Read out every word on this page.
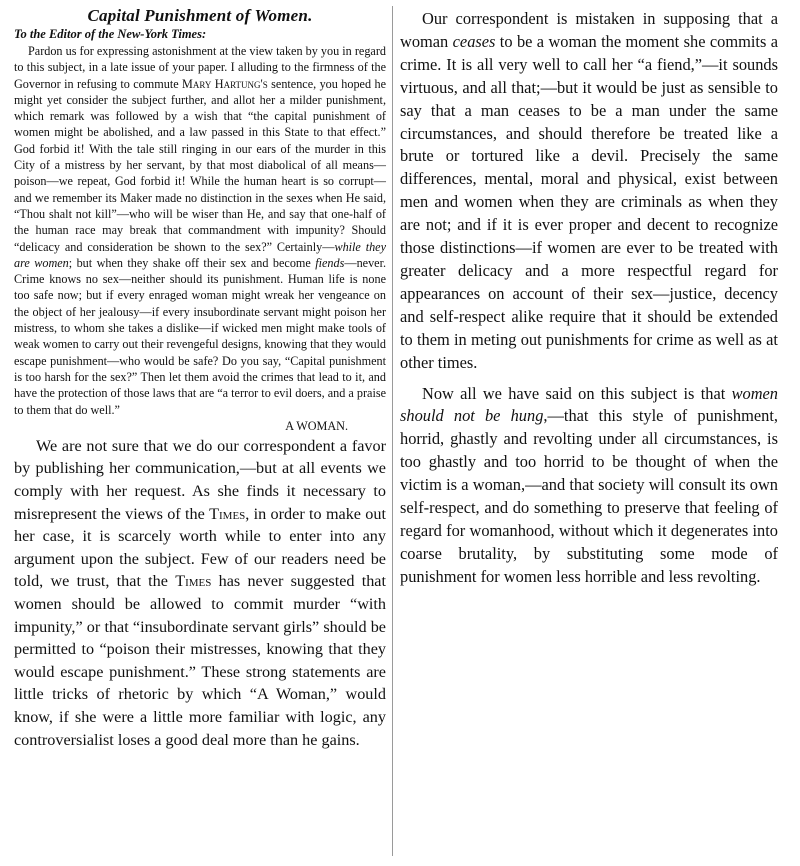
Capital Punishment of Women.
To the Editor of the New-York Times:

Pardon us for expressing astonishment at the view taken by you in regard to this subject, in a late issue of your paper. I alluding to the firmness of the Governor in refusing to commute Mary Hartung's sentence, you hoped he might yet consider the subject further, and allot her a milder punishment, which remark was followed by a wish that “the capital punishment of women might be abolished, and a law passed in this State to that effect.” God forbid it! With the tale still ringing in our ears of the murder in this City of a mistress by her servant, by that most diabolical of all means—poison—we repeat, God forbid it! While the human heart is so corrupt—and we remember its Maker made no distinction in the sexes when He said, “Thou shalt not kill”—who will be wiser than He, and say that one-half of the human race may break that commandment with impunity? Should “delicacy and consideration be shown to the sex?” Certainly—while they are women; but when they shake off their sex and become fiends—never. Crime knows no sex—neither should its punishment. Human life is none too safe now; but if every enraged woman might wreak her vengeance on the object of her jealousy—if every insubordinate servant might poison her mistress, to whom she takes a dislike—if wicked men might make tools of weak women to carry out their revengeful designs, knowing that they would escape punishment—who would be safe? Do you say, “Capital punishment is too harsh for the sex?” Then let them avoid the crimes that lead to it, and have the protection of those laws that are “a terror to evil doers, and a praise to them that do well.”

A WOMAN.

We are not sure that we do our correspondent a favor by publishing her communication,—but at all events we comply with her request. As she finds it necessary to misrepresent the views of the Times, in order to make out her case, it is scarcely worth while to enter into any argument upon the subject. Few of our readers need be told, we trust, that the Times has never suggested that women should be allowed to commit murder “with impunity,” or that “insubordinate servant girls” should be permitted to “poison their mistresses, knowing that they would escape punishment.” These strong statements are little tricks of rhetoric by which “A Woman,” would know, if she were a little more familiar with logic, any controversialist loses a good deal more than he gains.

Our correspondent is mistaken in supposing that a woman ceases to be a woman the moment she commits a crime. It is all very well to call her “a fiend,”—it sounds virtuous, and all that;—but it would be just as sensible to say that a man ceases to be a man under the same circumstances, and should therefore be treated like a brute or tortured like a devil. Precisely the same differences, mental, moral and physical, exist between men and women when they are criminals as when they are not; and if it is ever proper and decent to recognize those distinctions—if women are ever to be treated with greater delicacy and a more respectful regard for appearances on account of their sex—justice, decency and self-respect alike require that it should be extended to them in meting out punishments for crime as well as at other times.

Now all we have said on this subject is that women should not be hung,—that this style of punishment, horrid, ghastly and revolting under all circumstances, is too ghastly and too horrid to be thought of when the victim is a woman,—and that society will consult its own self-respect, and do something to preserve that feeling of regard for womanhood, without which it degenerates into coarse brutality, by substituting some mode of punishment for women less horrible and less revolting.
